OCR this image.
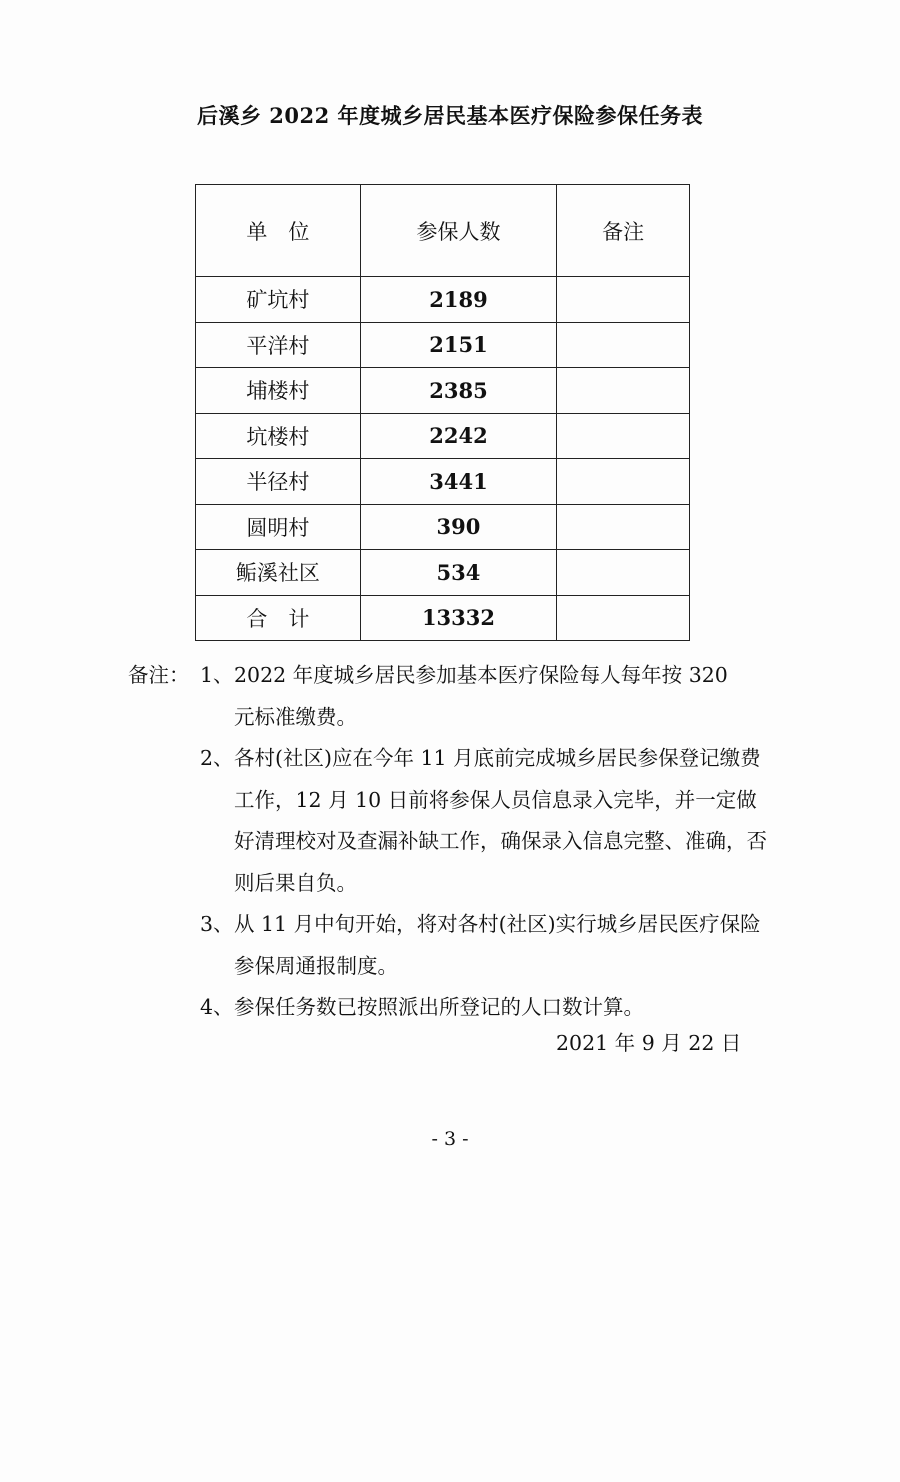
后溪乡 2022 年度城乡居民基本医疗保险参保任务表
单　位	参保人数	备注
矿坑村	2189	
平洋村	2151	
埔楼村	2385	
坑楼村	2242	
半径村	3441	
圆明村	390	
鲘溪社区	534	
合　计	13332	
备注： 1、 2022 年度城乡居民参加基本医疗保险每人每年按 320 元标准缴费。
2、 各村(社区)应在今年 11 月底前完成城乡居民参保登记缴费工作，12 月 10 日前将参保人员信息录入完毕，并一定做好清理校对及查漏补缺工作，确保录入信息完整、准确，否则后果自负。
3、 从 11 月中旬开始，将对各村(社区)实行城乡居民医疗保险参保周通报制度。
4、 参保任务数已按照派出所登记的人口数计算。
2021 年 9 月 22 日
- 3 -
